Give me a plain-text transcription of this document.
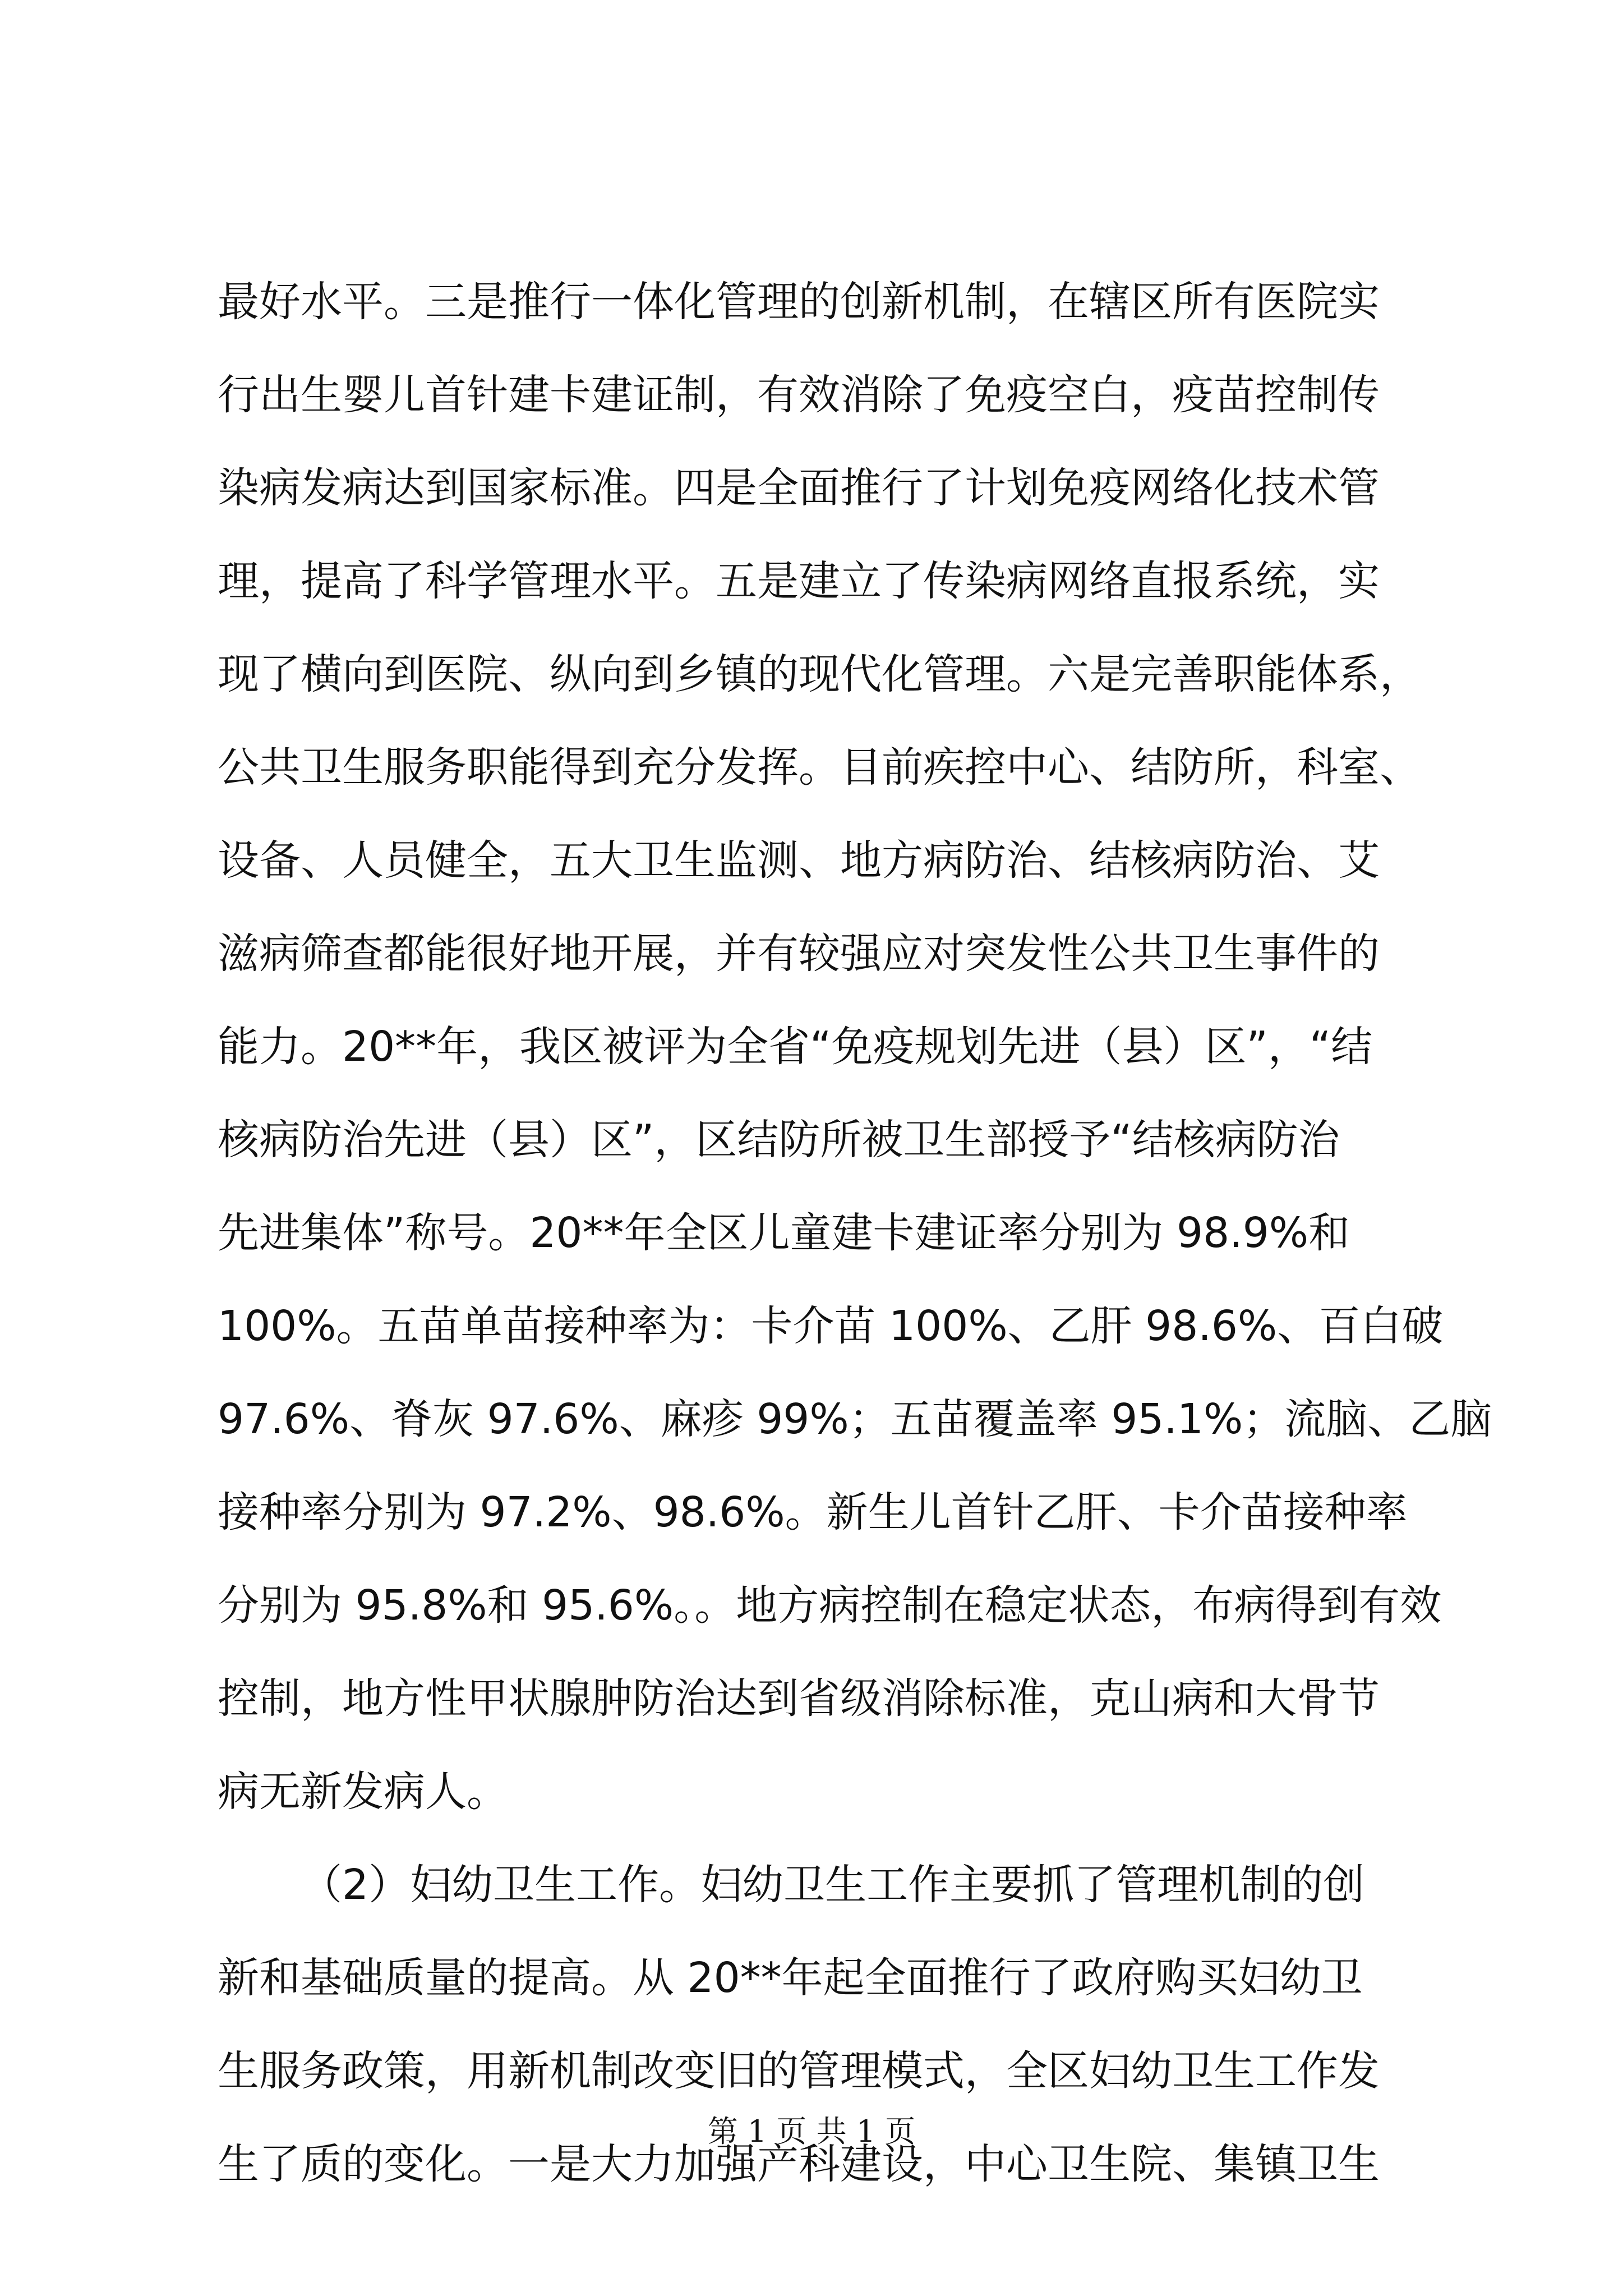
最好水平。三是推行一体化管理的创新机制，在辖区所有医院实
行出生婴儿首针建卡建证制，有效消除了免疫空白，疫苗控制传
染病发病达到国家标准。四是全面推行了计划免疫网络化技术管
理，提高了科学管理水平。五是建立了传染病网络直报系统，实
现了横向到医院、纵向到乡镇的现代化管理。六是完善职能体系，
公共卫生服务职能得到充分发挥。目前疾控中心、结防所，科室、
设备、人员健全，五大卫生监测、地方病防治、结核病防治、艾
滋病筛查都能很好地开展，并有较强应对突发性公共卫生事件的
能力。20**年，我区被评为全省“免疫规划先进（县）区”，“结
核病防治先进（县）区”，区结防所被卫生部授予“结核病防治
先进集体”称号。20**年全区儿童建卡建证率分别为 98.9%和
100%。五苗单苗接种率为：卡介苗 100%、乙肝 98.6%、百白破
97.6%、脊灰 97.6%、麻疹 99%；五苗覆盖率 95.1%；流脑、乙脑
接种率分别为 97.2%、98.6%。新生儿首针乙肝、卡介苗接种率
分别为 95.8%和 95.6%。。地方病控制在稳定状态，布病得到有效
控制，地方性甲状腺肿防治达到省级消除标准，克山病和大骨节
病无新发病人。
（2）妇幼卫生工作。妇幼卫生工作主要抓了管理机制的创
新和基础质量的提高。从 20**年起全面推行了政府购买妇幼卫
生服务政策，用新机制改变旧的管理模式，全区妇幼卫生工作发
生了质的变化。一是大力加强产科建设，中心卫生院、集镇卫生
第 1 页 共 1 页
